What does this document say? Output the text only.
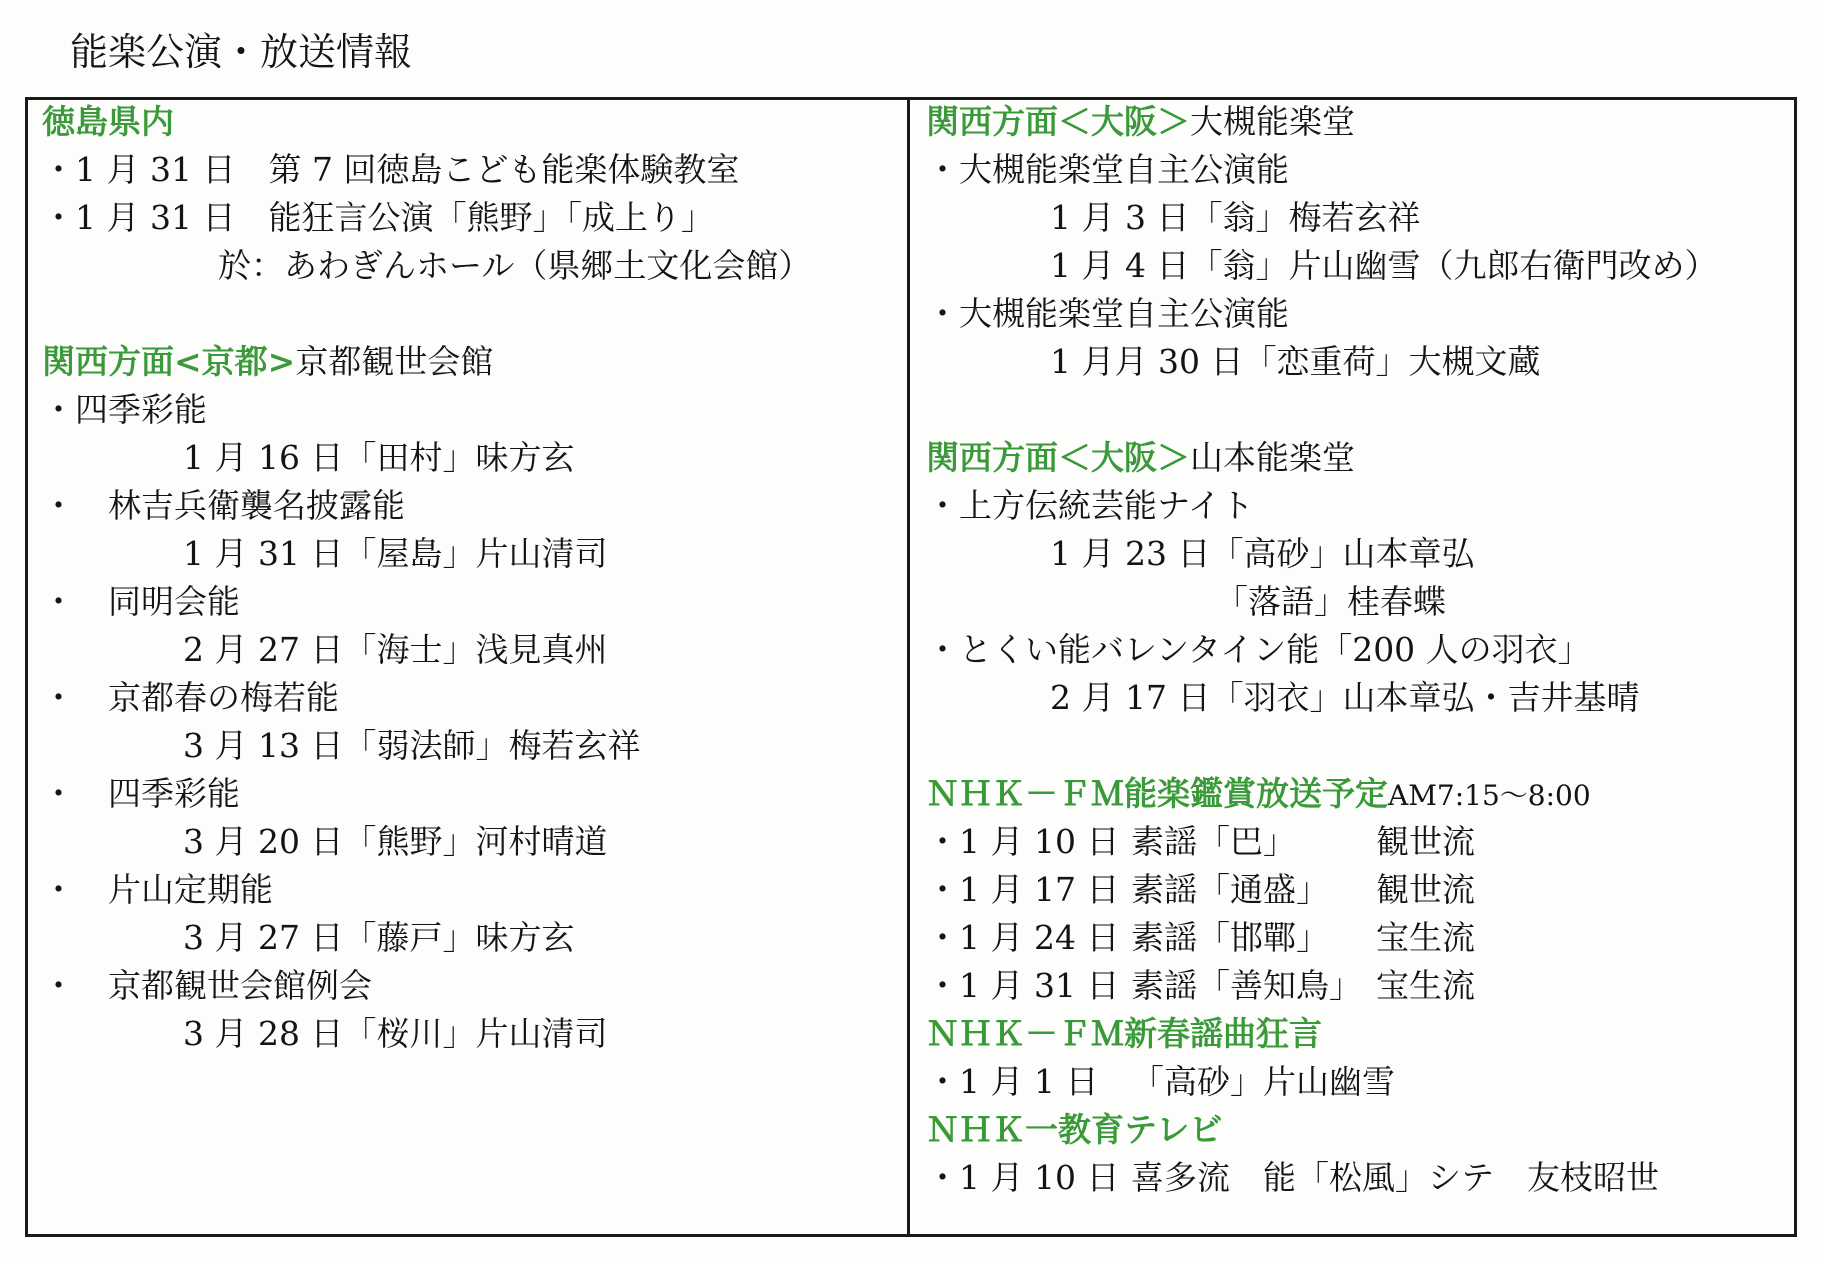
能楽公演・放送情報
徳島県内
・1 月 31 日　第 7 回徳島こども能楽体験教室
・1 月 31 日　能狂言公演「熊野」「成上り」
於：あわぎんホール（県郷土文化会館）
関西方面<京都>京都観世会館
・四季彩能
1 月 16 日「田村」味方玄
・　林吉兵衛襲名披露能
1 月 31 日「屋島」片山清司
・　同明会能
2 月 27 日「海士」浅見真州
・　京都春の梅若能
3 月 13 日「弱法師」梅若玄祥
・　四季彩能
3 月 20 日「熊野」河村晴道
・　片山定期能
3 月 27 日「藤戸」味方玄
・　京都観世会館例会
3 月 28 日「桜川」片山清司
関西方面＜大阪＞大槻能楽堂
・大槻能楽堂自主公演能
1 月 3 日「翁」梅若玄祥
1 月 4 日「翁」片山幽雪（九郎右衛門改め）
・大槻能楽堂自主公演能
1 月月 30 日「恋重荷」大槻文蔵
関西方面＜大阪＞山本能楽堂
・上方伝統芸能ナイト
1 月 23 日「高砂」山本章弘
「落語」桂春蝶
・とくい能バレンタイン能「200 人の羽衣」
2 月 17 日「羽衣」山本章弘・吉井基晴
ＮＨＫ－ＦＭ能楽鑑賞放送予定AM7:15～8:00
・1 月 10 日 素謡「巴」 観世流
・1 月 17 日 素謡「通盛」 観世流
・1 月 24 日 素謡「邯鄲」 宝生流
・1 月 31 日 素謡「善知鳥」 宝生流
ＮＨＫ－ＦＭ新春謡曲狂言
・1 月 1 日 「高砂」片山幽雪
ＮＨＫ一教育テレビ
・1 月 10 日 喜多流　能「松風」シテ　友枝昭世
